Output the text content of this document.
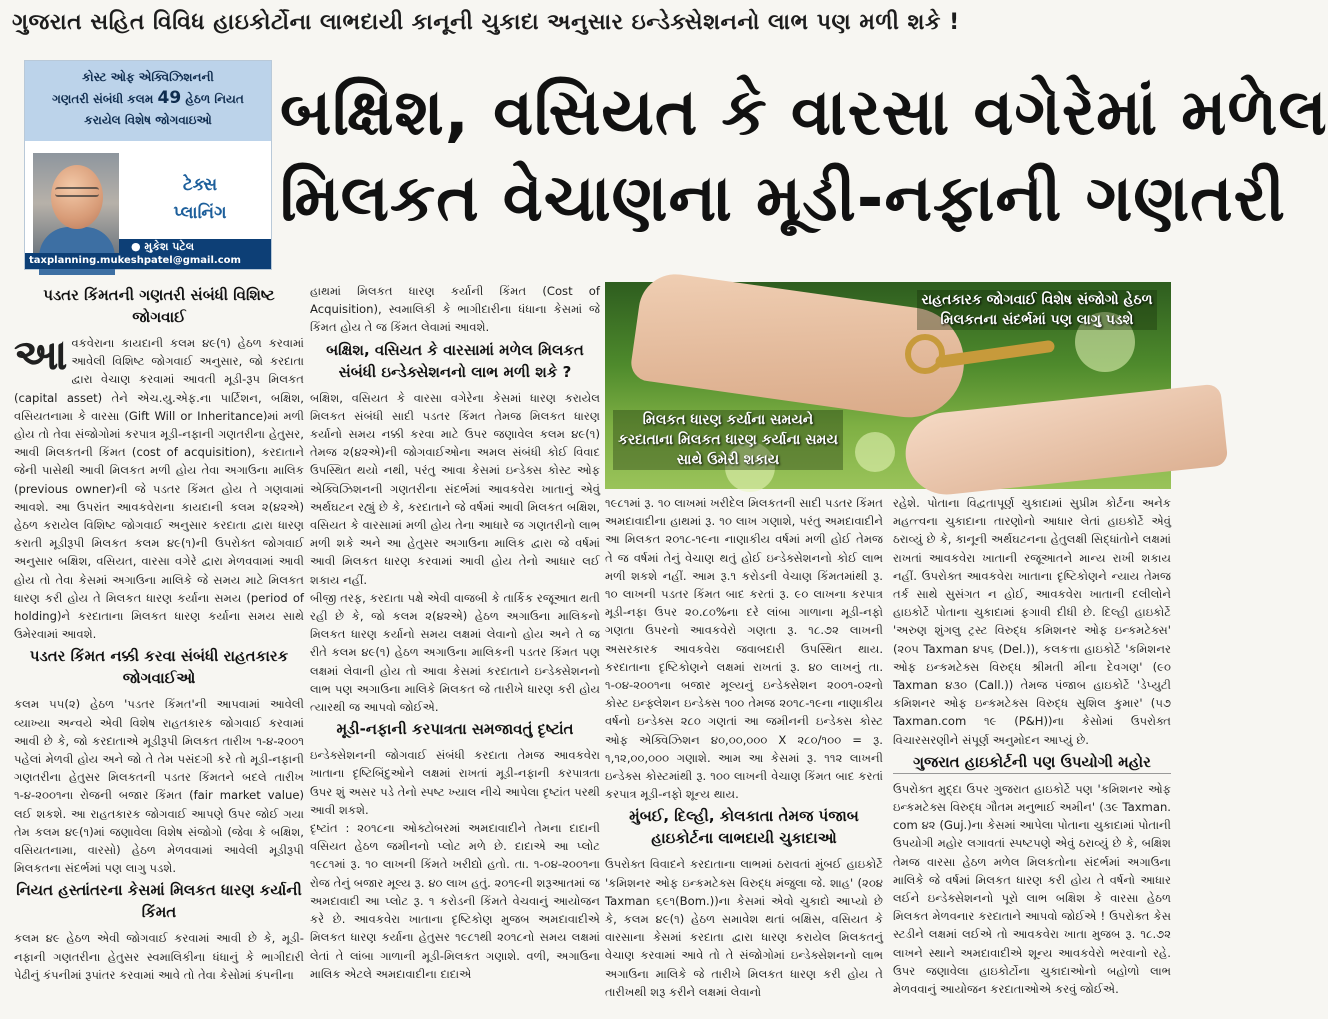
ગુજરાત સહિત વિવિધ હાઇકોર્ટોના લાભદાયી કાનૂની ચુકાદા અનુસાર ઇન્ડેક્સેશનનો લાભ પણ મળી શકે !
કોસ્ટ ઓફ એક્વિઝિશનની
ગણતરી સંબંધી કલમ 49 હેઠળ નિયત
કરાયેલ વિશેષ જોગવાઇઓ
ટેક્સ
પ્લાનિંગ
● મુકેશ પટેલ
taxplanning.mukeshpatel@gmail.com
બક્ષિશ, વસિયત કે વારસા વગેરેમાં મળેલ
મિલકત વેચાણના મૂડી-નફાની ગણતરી
પડતર કિંમતની ગણતરી સંબંધી વિશિષ્ટ જોગવાઈ

આવકવેરાના કાયદાની કલમ ૪૯(૧) હેઠળ કરવામાં આવેલી વિશિષ્ટ જોગવાઈ અનુસાર, જો કરદાતા દ્વારા વેચાણ કરવામાં આવતી મૂડી-રૂપ મિલકત (capital asset) તેને એચ.યુ.એફ.ના પાર્ટિશન, બક્ષિશ, વસિયતનામા કે વારસા (Gift Will or Inheritance)માં મળી હોય તો તેવા સંજોગોમાં કરપાત્ર મૂડી-નફાની ગણતરીના હેતુસર, આવી મિલકતની કિંમત (cost of acquisition), કરદાતાને જેની પાસેથી આવી મિલકત મળી હોય તેવા અગાઉના માલિક (previous owner)ની જે પડતર કિંમત હોય તે ગણવામાં આવશે. આ ઉપરાંત આવકવેરાના કાયદાની કલમ ૨(૪૨એ) હેઠળ કરાયેલ વિશિષ્ટ જોગવાઈ અનુસાર કરદાતા દ્વારા ધારણ કરાતી મૂડીરૂપી મિલકત કલમ ૪૯(૧)ની ઉપરોક્ત જોગવાઈ અનુસાર બક્ષિશ, વસિયત, વારસા વગેરે દ્વારા મેળવવામાં આવી હોય તો તેવા કેસમાં અગાઉના માલિકે જે સમય માટે મિલકત ધારણ કરી હોય તે મિલકત ધારણ કર્યાના સમય (period of holding)ને કરદાતાના મિલકત ધારણ કર્યાના સમય સાથે ઉમેરવામાં આવશે.

પડતર કિંમત નક્કી કરવા સંબંધી રાહતકારક જોગવાઈઓ

કલમ ૫૫(૨) હેઠળ 'પડતર કિંમત'ની આપવામાં આવેલી વ્યાખ્યા અન્વયે એવી વિશેષ રાહતકારક જોગવાઈ કરવામાં આવી છે કે, જો કરદાતાએ મૂડીરૂપી મિલકત તારીખ ૧-૪-૨૦૦૧ પહેલાં મેળવી હોય અને જો તે તેમ પસંદગી કરે તો મૂડી-નફાની ગણતરીના હેતુસર મિલકતની પડતર કિંમતને બદલે તારીખ ૧-૪-૨૦૦૧ના રોજની બજાર કિંમત (fair market value) લઈ શકશે. આ રાહતકારક જોગવાઈ આપણે ઉપર જોઈ ગયા તેમ કલમ ૪૯(૧)માં જણાવેલા વિશેષ સંજોગો (જેવા કે બક્ષિશ, વસિયતનામા, વારસો) હેઠળ મેળવવામાં આવેલી મૂડીરૂપી મિલકતના સંદર્ભમાં પણ લાગુ પડશે.

નિયત હસ્તાંતરના કેસમાં મિલકત ધારણ કર્યાની કિંમત

કલમ ૪૯ હેઠળ એવી જોગવાઈ કરવામાં આવી છે કે, મૂડી-નફાની ગણતરીના હેતુસર સ્વમાલિકીના ધંધાનું કે ભાગીદારી પેઢીનું કંપનીમાં રૂપાંતર કરવામાં આવે તો તેવા કેસોમાં કંપનીના

હાથમાં મિલકત ધારણ કર્યાની કિંમત (Cost of Acquisition), સ્વમાલિકી કે ભાગીદારીના ધંધાના કેસમાં જે કિંમત હોય તે જ કિંમત લેવામાં આવશે.

બક્ષિશ, વસિયત કે વારસામાં મળેલ મિલકત સંબંધી ઇન્ડેક્સેશનનો લાભ મળી શકે ?

બક્ષિશ, વસિયત કે વારસા વગેરેના કેસમાં ધારણ કરાયેલ મિલકત સંબંધી સાદી પડતર કિંમત તેમજ મિલકત ધારણ કર્યાનો સમય નક્કી કરવા માટે ઉપર જણાવેલ કલમ ૪૯(૧) તેમજ ૨(૪૨એ)ની જોગવાઈઓના અમલ સંબંધી કોઈ વિવાદ ઉપસ્થિત થયો નથી, પરંતુ આવા કેસમાં ઇન્ડેક્સ કોસ્ટ ઓફ એક્વિઝિશનની ગણતરીના સંદર્ભમાં આવકવેરા ખાતાનું એવું અર્થઘટન રહ્યું છે કે, કરદાતાને જે વર્ષમાં આવી મિલકત બક્ષિશ, વસિયત કે વારસામાં મળી હોય તેના આધારે જ ગણતરીનો લાભ મળી શકે અને આ હેતુસર અગાઉના માલિક દ્વારા જે વર્ષમાં આવી મિલકત ધારણ કરવામાં આવી હોય તેનો આધાર લઈ શકાય નહીં.

બીજી તરફ, કરદાતા પક્ષે એવી વાજબી કે તાર્કિક રજૂઆત થતી રહી છે કે, જો કલમ ૨(૪૨એ) હેઠળ અગાઉના માલિકનો મિલકત ધારણ કર્યાનો સમય લક્ષમાં લેવાનો હોય અને તે જ રીતે કલમ ૪૯(૧) હેઠળ અગાઉના માલિકની પડતર કિંમત પણ લક્ષમાં લેવાની હોય તો આવા કેસમાં કરદાતાને ઇન્ડેક્સેશનનો લાભ પણ અગાઉના માલિકે મિલકત જે તારીખે ધારણ કરી હોય ત્યારથી જ આપવો જોઈએ.

મૂડી-નફાની કરપાત્રતા સમજાવતું દૃષ્ટાંત

ઇન્ડેક્સેશનની જોગવાઈ સંબંધી કરદાતા તેમજ આવકવેરા ખાતાના દૃષ્ટિબિંદુઓને લક્ષમાં રાખતાં મૂડી-નફાની કરપાત્રતા ઉપર શું અસર પડે તેનો સ્પષ્ટ ખ્યાલ નીચે આપેલા દૃષ્ટાંત પરથી આવી શકશે.

દૃષ્ટાંત : ૨૦૧૮ના ઓક્ટોબરમાં અમદાવાદીને તેમના દાદાની વસિયત હેઠળ જમીનનો પ્લોટ મળે છે. દાદાએ આ પ્લોટ ૧૯૮૧માં રૂ. ૧૦ લાખની કિંમતે ખરીદ્યો હતો. તા. ૧-૦૪-૨૦૦૧ના રોજ તેનું બજાર મૂલ્ય રૂ. ૪૦ લાખ હતું. ૨૦૧૯ની શરૂઆતમાં જ અમદાવાદી આ પ્લોટ રૂ. ૧ કરોડની કિંમતે વેચવાનું આયોજન કરે છે. આવકવેરા ખાતાના દૃષ્ટિકોણ મુજબ અમદાવાદીએ મિલકત ધારણ કર્યાના હેતુસર ૧૯૮૧થી ૨૦૧૮નો સમય લક્ષમાં લેતાં તે લાંબા ગાળાની મૂડી-મિલકત ગણાશે. વળી, અગાઉના માલિક એટલે અમદાવાદીના દાદાએ

રાહતકારક જોગવાઈ વિશેષ સંજોગો હેઠળ મિલકતના સંદર્ભમાં પણ લાગુ પડશે
મિલકત ધારણ કર્યાના સમયને કરદાતાના મિલકત ધારણ કર્યાના સમય સાથે ઉમેરી શકાય

૧૯૮૧માં રૂ. ૧૦ લાખમાં ખરીદેલ મિલકતની સાદી પડતર કિંમત અમદાવાદીના હાથમાં રૂ. ૧૦ લાખ ગણાશે, પરંતુ અમદાવાદીને આ મિલકત ૨૦૧૮-૧૯ના નાણાકીય વર્ષમાં મળી હોઈ તેમજ તે જ વર્ષમાં તેનું વેચાણ થતું હોઈ ઇન્ડેક્સેશનનો કોઈ લાભ મળી શકશે નહીં. આમ રૂ.૧ કરોડની વેચાણ કિંમતમાંથી રૂ. ૧૦ લાખની પડતર કિંમત બાદ કરતાં રૂ. ૯૦ લાખના કરપાત્ર મૂડી-નફા ઉપર ૨૦.૮૦%ના દરે લાંબા ગાળાના મૂડી-નફો ગણતા ઉપરનો આવકવેરો ગણતા રૂ. ૧૮.૭૨ લાખની અસરકારક આવકવેરા જવાબદારી ઉપસ્થિત થાય. કરદાતાના દૃષ્ટિકોણને લક્ષમાં રાખતાં રૂ. ૪૦ લાખનું તા. ૧-૦૪-૨૦૦૧ના બજાર મૂલ્યનું ઇન્ડેક્સેશન ૨૦૦૧-૦૨નો કોસ્ટ ઇન્ફ્લેશન ઇન્ડેક્સ ૧૦૦ તેમજ ૨૦૧૮-૧૯ના નાણાકીય વર્ષનો ઇન્ડેક્સ ૨૮૦ ગણતાં આ જમીનની ઇન્ડેક્સ કોસ્ટ ઓફ એક્વિઝિશન ૪૦,૦૦,૦૦૦ X ૨૮૦/૧૦૦ = રૂ. ૧,૧૨,૦૦,૦૦૦ ગણાશે. આમ આ કેસમાં રૂ. ૧૧૨ લાખની ઇન્ડેક્સ કોસ્ટમાંથી રૂ. ૧૦૦ લાખની વેચાણ કિંમત બાદ કરતાં કરપાત્ર મૂડી-નફો શૂન્ય થાય.

મુંબઈ, દિલ્હી, કોલકાતા તેમજ પંજાબ હાઇકોર્ટના લાભદાયી ચુકાદાઓ

ઉપરોક્ત વિવાદને કરદાતાના લાભમાં ઠરાવતાં મુંબઈ હાઇકોર્ટે 'કમિશનર ઓફ ઇન્કમટેક્સ વિરુદ્ધ મંજુલા જે. શાહ' (૨૦૪ Taxman ૬૯૧(Bom.))ના કેસમાં એવો ચુકાદો આપ્યો છે કે, કલમ ૪૯(૧) હેઠળ સમાવેશ થતાં બક્ષિસ, વસિયત કે વારસાના કેસમાં કરદાતા દ્વારા ધારણ કરાયેલ મિલકતનું વેચાણ કરવામાં આવે તો તે સંજોગોમાં ઇન્ડેક્સેશનનો લાભ અગાઉના માલિકે જે તારીખે મિલકત ધારણ કરી હોય તે તારીખથી શરૂ કરીને લક્ષમાં લેવાનો

રહેશે. પોતાના વિદ્વતાપૂર્ણ ચુકાદામાં સુપ્રીમ કોર્ટના અનેક મહત્ત્વના ચુકાદાના તારણોનો આધાર લેતાં હાઇકોર્ટે એવું ઠરાવ્યું છે કે, કાનૂની અર્થઘટનના હેતુલક્ષી સિદ્ધાંતોને લક્ષમાં રાખતાં આવકવેરા ખાતાની રજૂઆતને માન્ય રાખી શકાય નહીં. ઉપરોક્ત આવકવેરા ખાતાના દૃષ્ટિકોણને ન્યાય તેમજ તર્ક સાથે સુસંગત ન હોઈ, આવકવેરા ખાતાની દલીલોને હાઇકોર્ટે પોતાના ચુકાદામાં ફગાવી દીધી છે. દિલ્હી હાઇકોર્ટે 'અરુણ શુંગલુ ટ્રસ્ટ વિરુદ્ધ કમિશનર ઓફ ઇન્કમટેક્સ' (૨૦૫ Taxman ૪૫૬ (Del.)), કલકત્તા હાઇકોર્ટે 'કમિશનર ઓફ ઇન્કમટેક્સ વિરુદ્ધ શ્રીમતી મીના દેવગણ' (૯૦ Taxman ૪૩૦ (Call.)) તેમજ પંજાબ હાઇકોર્ટે 'ડેપ્યુટી કમિશનર ઓફ ઇન્કમટેક્સ વિરુદ્ધ સુશિલ કુમાર' (૫૭ Taxman.com ૧૯ (P&H))ના કેસોમાં ઉપરોક્ત વિચારસરણીને સંપૂર્ણ અનુમોદન આપ્યું છે.

ગુજરાત હાઇકોર્ટની પણ ઉપયોગી મહોર

ઉપરોક્ત મુદ્દા ઉપર ગુજરાત હાઇકોર્ટે પણ 'કમિશનર ઓફ ઇન્કમટેક્સ વિરુદ્ધ ગૌતમ મનુભાઈ અમીન' (૩૯ Taxman. com ૪૨ (Guj.)ના કેસમાં આપેલા પોતાના ચુકાદામાં પોતાની ઉપયોગી મહોર લગાવતાં સ્પષ્ટપણે એવું ઠરાવ્યું છે કે, બક્ષિશ તેમજ વારસા હેઠળ મળેલ મિલકતોના સંદર્ભમાં અગાઉના માલિકે જે વર્ષમાં મિલકત ધારણ કરી હોય તે વર્ષનો આધાર લઈને ઇન્ડેક્સેશનનો પૂરો લાભ બક્ષિશ કે વારસા હેઠળ મિલકત મેળવનાર કરદાતાને આપવો જોઈએ ! ઉપરોક્ત કેસ સ્ટડીને લક્ષમાં લઈએ તો આવકવેરા ખાતા મુજબ રૂ. ૧૮.૭૨ લાખને સ્થાને અમદાવાદીએ શૂન્ય આવકવેરો ભરવાનો રહે. ઉપર જણાવેલા હાઇકોર્ટોના ચુકાદાઓનો બહોળો લાભ મેળવવાનું આયોજન કરદાતાઓએ કરવું જોઈએ.
